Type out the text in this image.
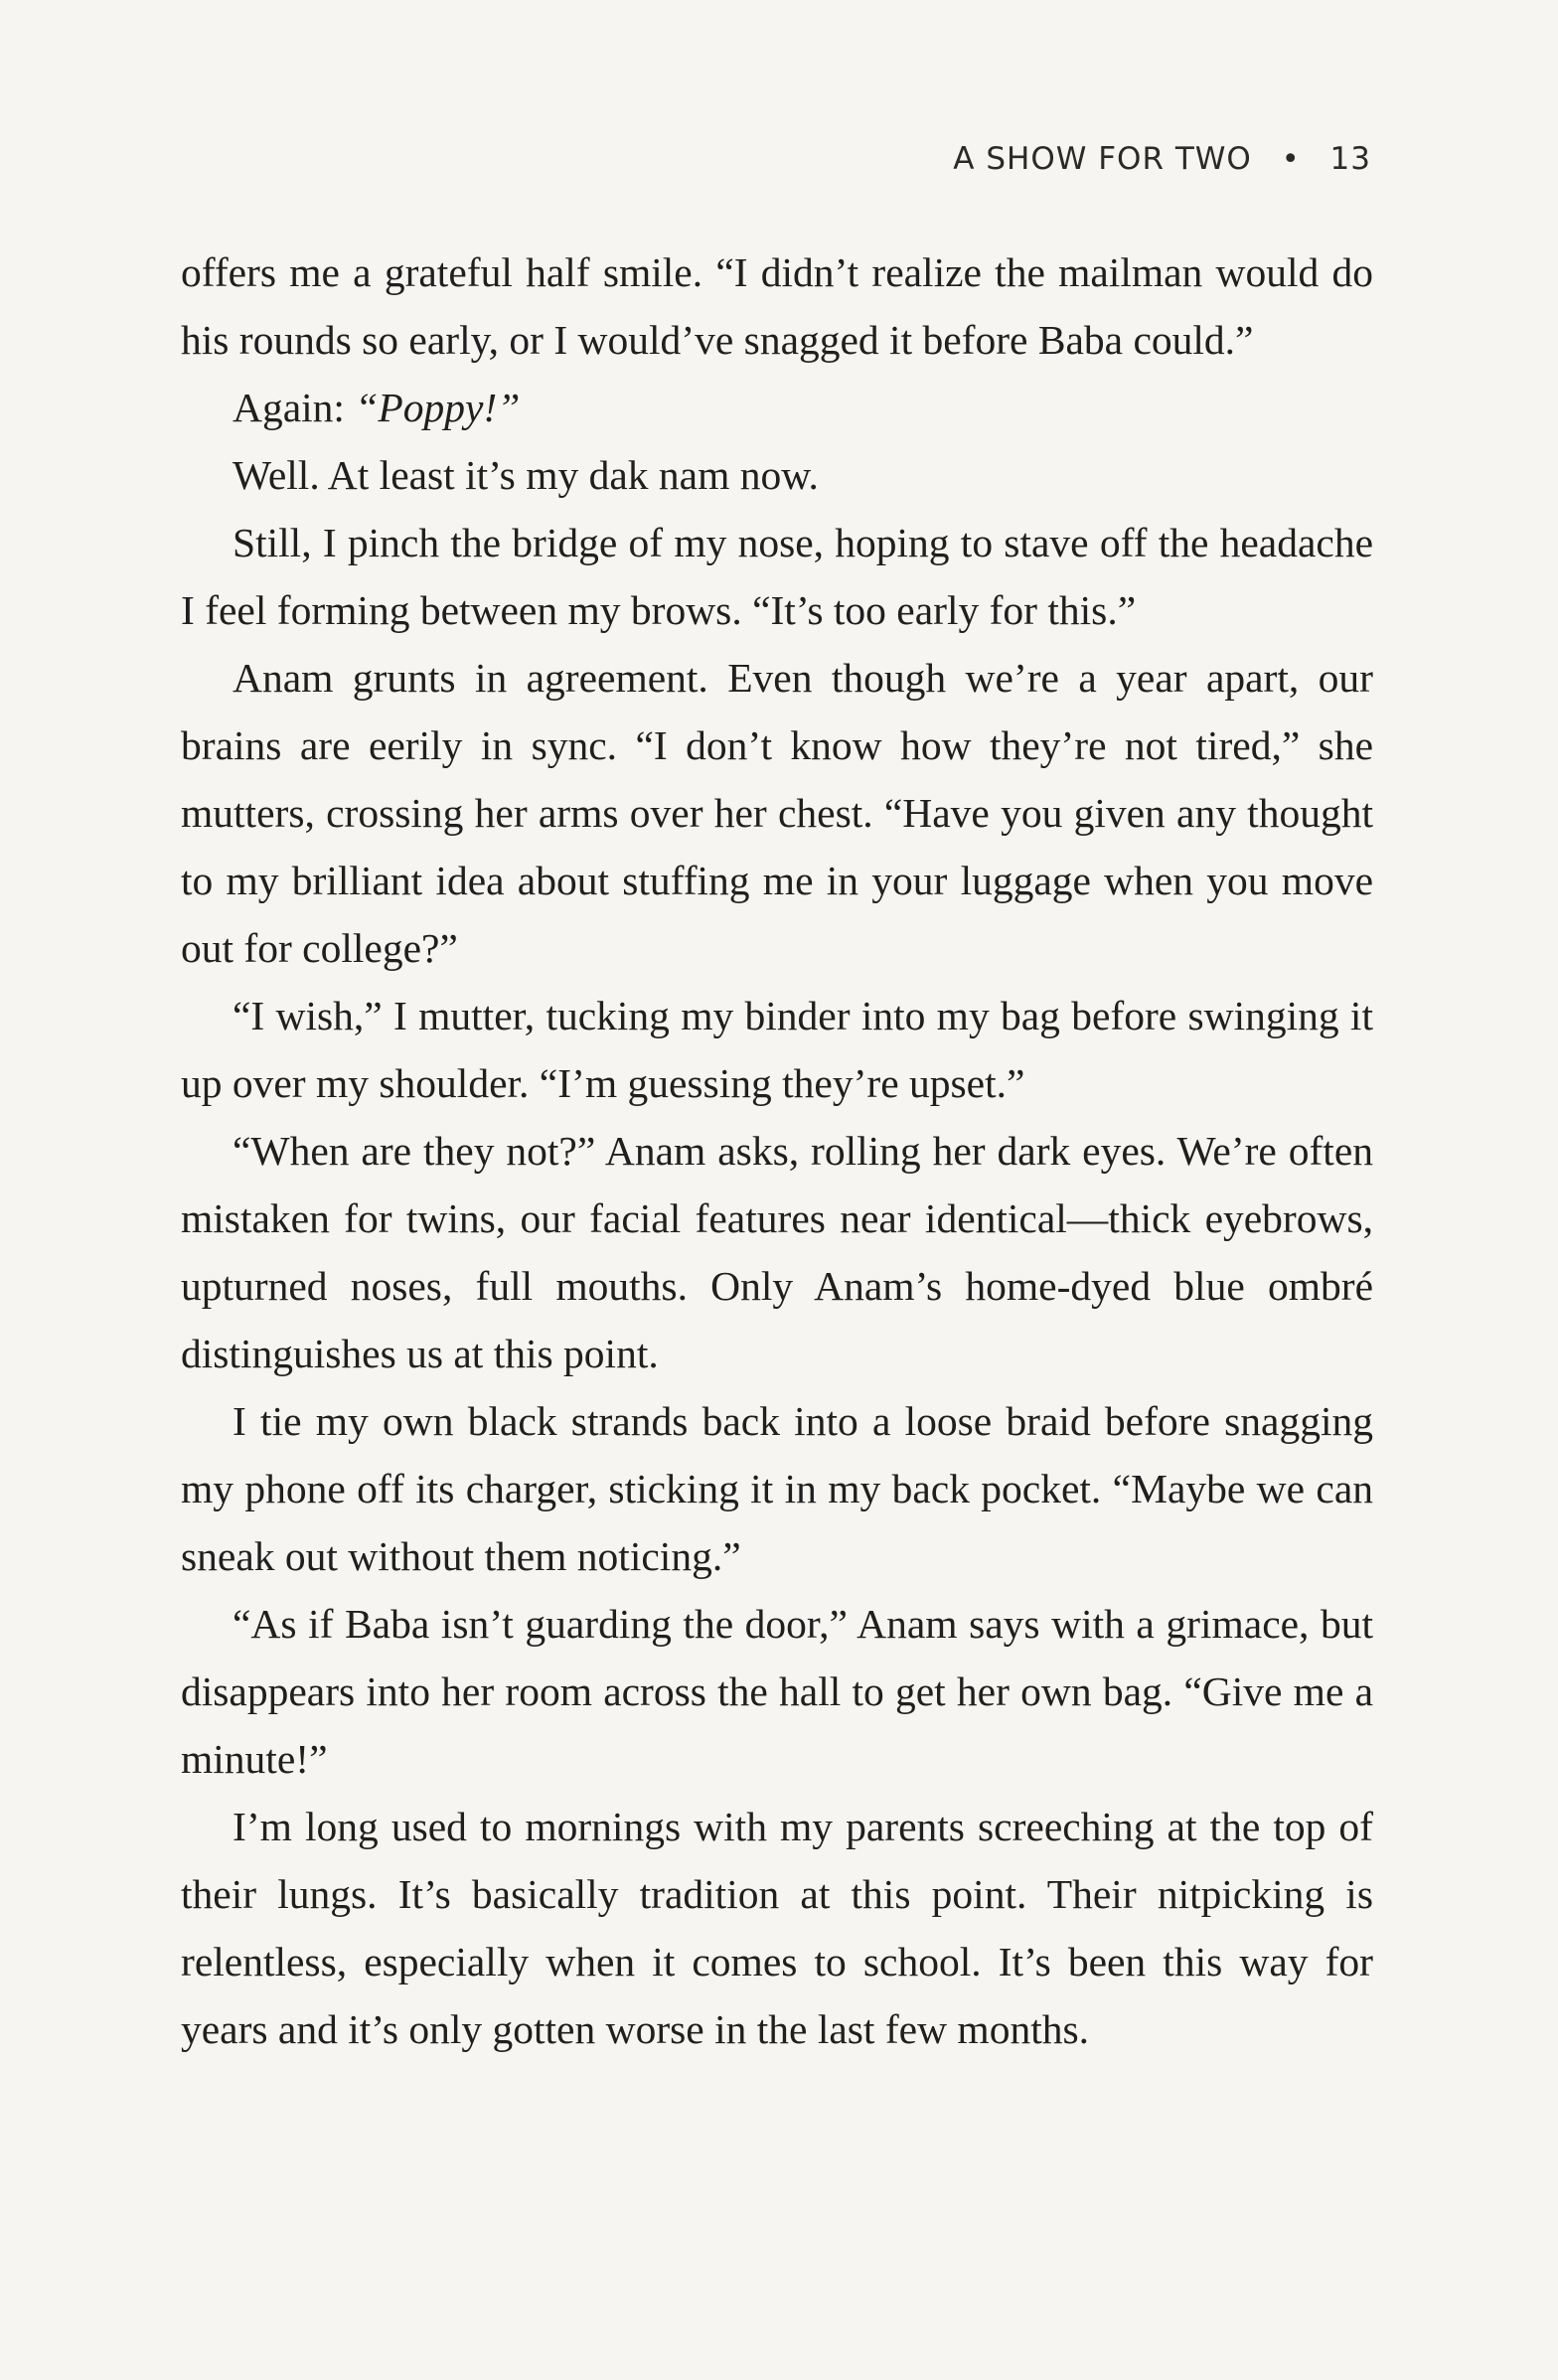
A SHOW FOR TWO • 13

offers me a grateful half smile. “I didn’t realize the mailman would do his rounds so early, or I would’ve snagged it before Baba could.”

Again: “Poppy!”

Well. At least it’s my dak nam now.

Still, I pinch the bridge of my nose, hoping to stave off the headache I feel forming between my brows. “It’s too early for this.”

Anam grunts in agreement. Even though we’re a year apart, our brains are eerily in sync. “I don’t know how they’re not tired,” she mutters, crossing her arms over her chest. “Have you given any thought to my brilliant idea about stuffing me in your luggage when you move out for college?”

“I wish,” I mutter, tucking my binder into my bag before swinging it up over my shoulder. “I’m guessing they’re upset.”

“When are they not?” Anam asks, rolling her dark eyes. We’re often mistaken for twins, our facial features near identical—thick eyebrows, upturned noses, full mouths. Only Anam’s home-dyed blue ombré distinguishes us at this point.

I tie my own black strands back into a loose braid before snagging my phone off its charger, sticking it in my back pocket. “Maybe we can sneak out without them noticing.”

“As if Baba isn’t guarding the door,” Anam says with a grimace, but disappears into her room across the hall to get her own bag. “Give me a minute!”

I’m long used to mornings with my parents screeching at the top of their lungs. It’s basically tradition at this point. Their nitpicking is relentless, especially when it comes to school. It’s been this way for years and it’s only gotten worse in the last few months.
